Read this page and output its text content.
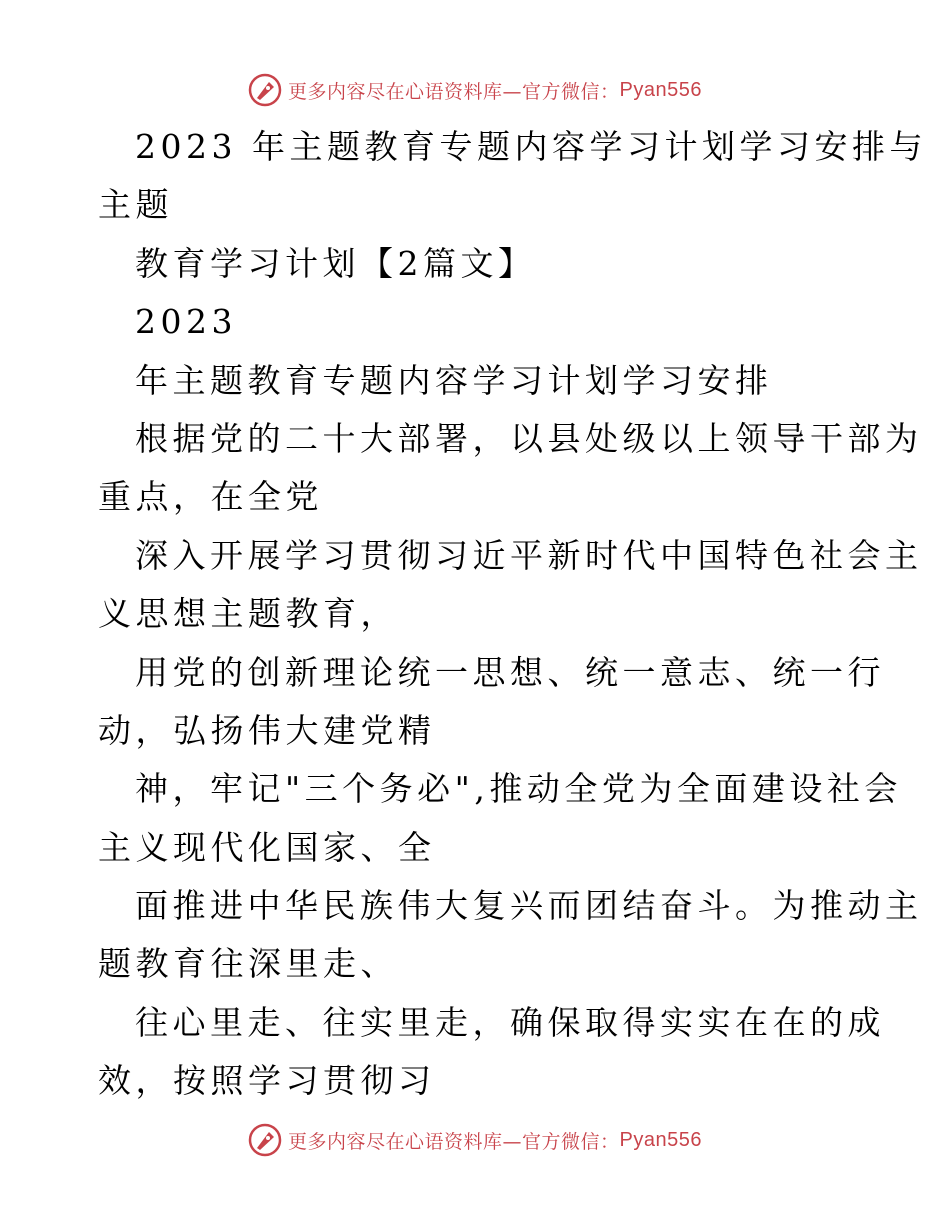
更多内容尽在心语资料库—官方微信： Pyan556
2023 年主题教育专题内容学习计划学习安排与
主题
教育学习计划【2篇文】
2023
年主题教育专题内容学习计划学习安排
根据党的二十大部署，以县处级以上领导干部为
重点，在全党
深入开展学习贯彻习近平新时代中国特色社会主
义思想主题教育，
用党的创新理论统一思想、统一意志、统一行
动，弘扬伟大建党精
神，牢记"三个务必",推动全党为全面建设社会
主义现代化国家、全
面推进中华民族伟大复兴而团结奋斗。为推动主
题教育往深里走、
往心里走、往实里走，确保取得实实在在的成
效，按照学习贯彻习
更多内容尽在心语资料库—官方微信： Pyan556
